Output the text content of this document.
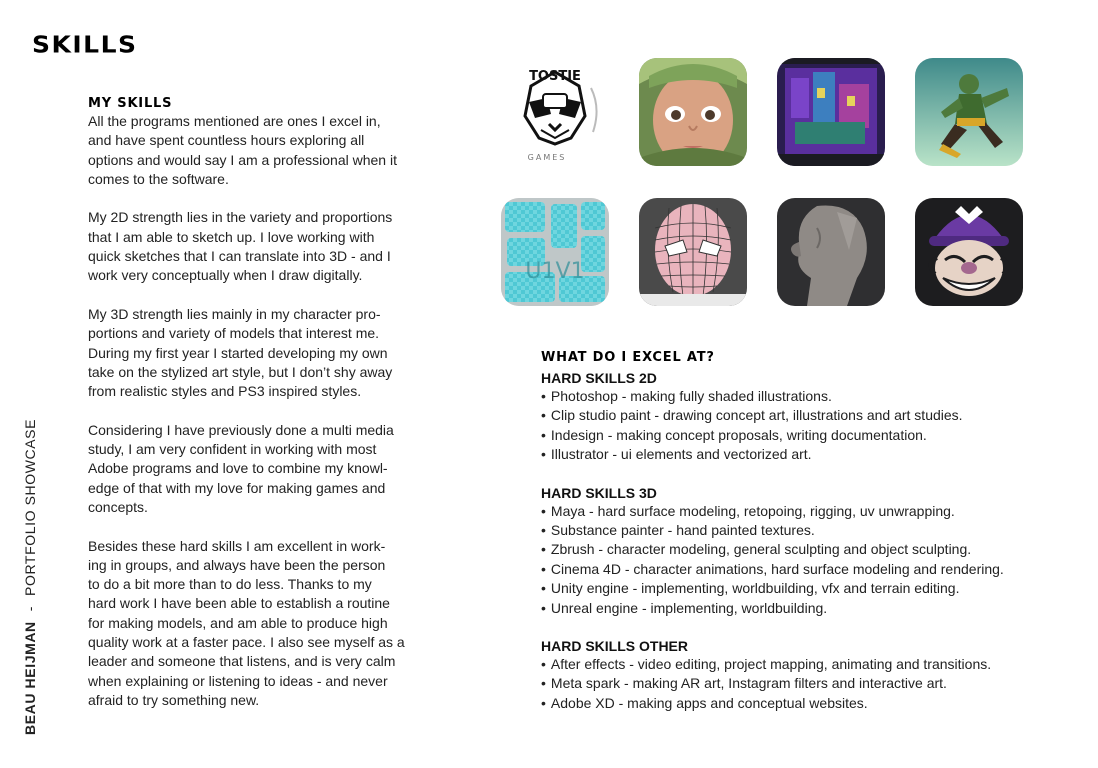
SKILLS
BEAU HEIJMAN-PORTFOLIO SHOWCASE
MY SKILLS

All the programs mentioned are ones I excel in,
and have spent countless hours exploring all
options and would say I am a professional when it
comes to the software.

My 2D strength lies in the variety and proportions
that I am able to sketch up. I love working with
quick sketches that I can translate into 3D - and I
work very conceptually when I draw digitally.

My 3D strength lies mainly in my character pro-
portions and variety of models that interest me.
During my first year I started developing my own
take on the stylized art style, but I don’t shy away
from realistic styles and PS3 inspired styles.

Considering I have previously done a multi media
study, I am very confident in working with most
Adobe programs and love to combine my knowl-
edge of that with my love for making games and
concepts.

Besides these hard skills I am excellent in work-
ing in groups, and always have been the person
to do a bit more than to do less. Thanks to my
hard work I have been able to establish a routine
for making models, and am able to produce high
quality work at a faster pace. I also see myself as a
leader and someone that listens, and is very calm
when explaining or listening to ideas - and never
afraid to try something new.

TOSTIE
GAMES
U1V1
WHAT DO I EXCEL AT?
HARD SKILLS 2D
• Photoshop - making fully shaded illustrations.
• Clip studio paint - drawing concept art, illustrations and art studies.
• Indesign - making concept proposals, writing documentation.
• Illustrator - ui elements and vectorized art.
HARD SKILLS 3D
• Maya - hard surface modeling, retopoing, rigging, uv unwrapping.
• Substance painter - hand painted textures.
• Zbrush - character modeling, general sculpting and object sculpting.
• Cinema 4D - character animations, hard surface modeling and rendering.
• Unity engine - implementing, worldbuilding, vfx and terrain editing.
• Unreal engine - implementing, worldbuilding.
HARD SKILLS OTHER
• After effects - video editing, project mapping, animating and transitions.
• Meta spark - making AR art, Instagram filters and interactive art.
• Adobe XD - making apps and conceptual websites.
